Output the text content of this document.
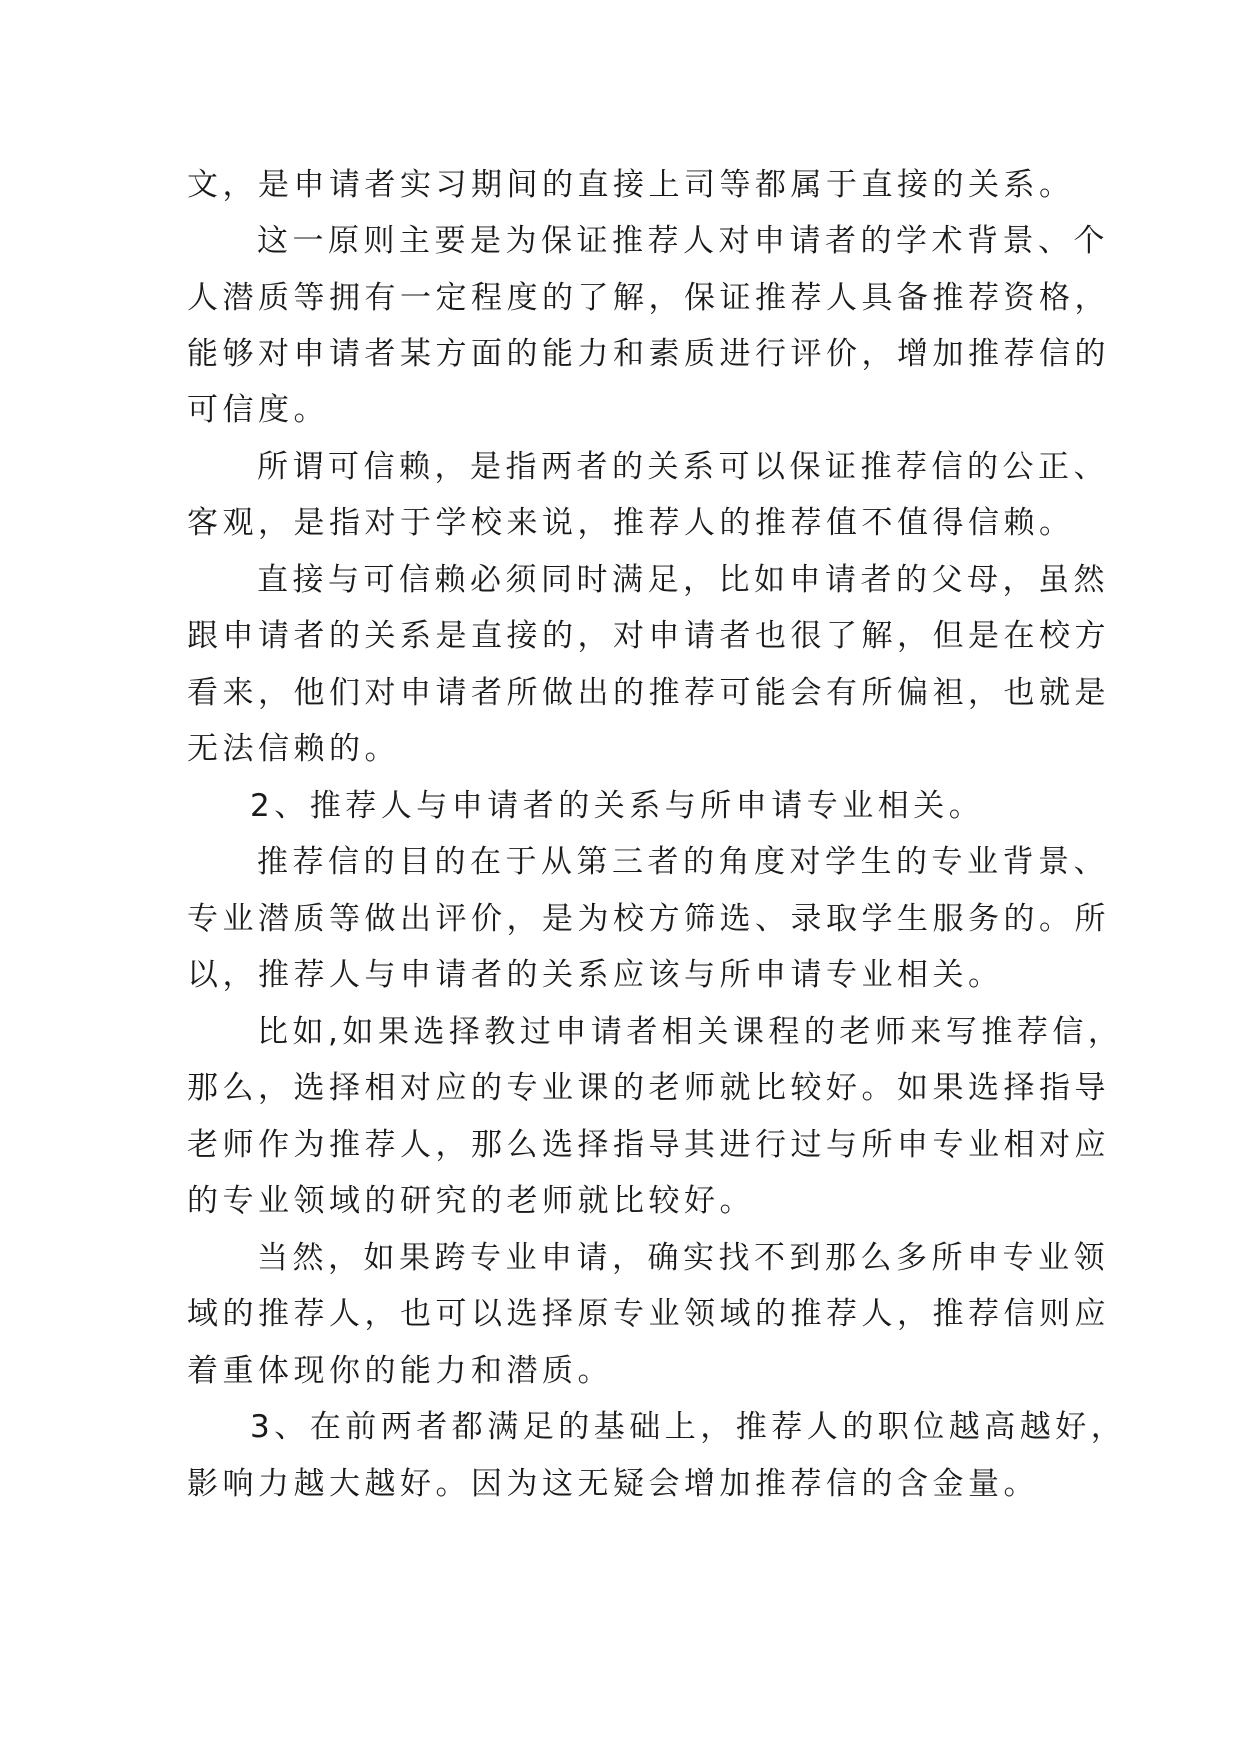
文，是申请者实习期间的直接上司等都属于直接的关系。
这一原则主要是为保证推荐人对申请者的学术背景、个
人潜质等拥有一定程度的了解，保证推荐人具备推荐资格，
能够对申请者某方面的能力和素质进行评价，增加推荐信的
可信度。
所谓可信赖，是指两者的关系可以保证推荐信的公正、
客观，是指对于学校来说，推荐人的推荐值不值得信赖。
直接与可信赖必须同时满足，比如申请者的父母，虽然
跟申请者的关系是直接的，对申请者也很了解，但是在校方
看来，他们对申请者所做出的推荐可能会有所偏袒，也就是
无法信赖的。
2、推荐人与申请者的关系与所申请专业相关。
推荐信的目的在于从第三者的角度对学生的专业背景、
专业潜质等做出评价，是为校方筛选、录取学生服务的。所
以，推荐人与申请者的关系应该与所申请专业相关。
比如,如果选择教过申请者相关课程的老师来写推荐信，
那么，选择相对应的专业课的老师就比较好。如果选择指导
老师作为推荐人，那么选择指导其进行过与所申专业相对应
的专业领域的研究的老师就比较好。
当然，如果跨专业申请，确实找不到那么多所申专业领
域的推荐人，也可以选择原专业领域的推荐人，推荐信则应
着重体现你的能力和潜质。
3、在前两者都满足的基础上，推荐人的职位越高越好，
影响力越大越好。因为这无疑会增加推荐信的含金量。
